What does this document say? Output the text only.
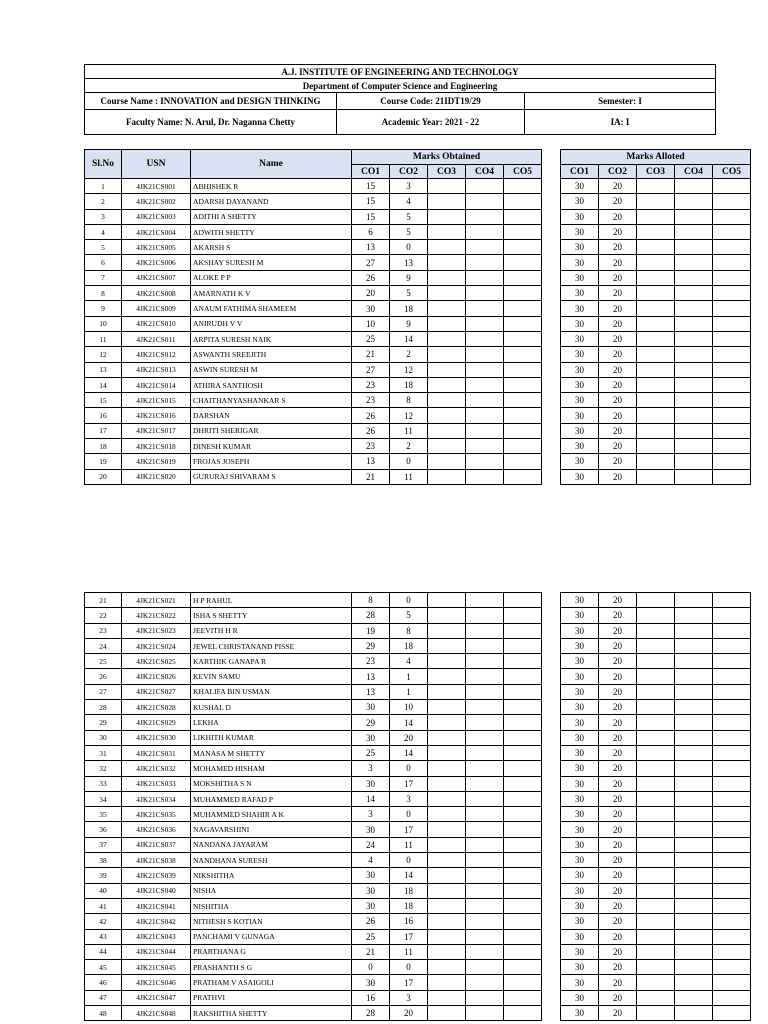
A.J. INSTITUTE OF ENGINEERING AND TECHNOLOGY		
Department of Computer Science and Engineering		
Course Name : INNOVATION and DESIGN THINKING	Course Code: 21IDT19/29	Semester: I
Faculty Name: N. Arul, Dr. Naganna Chetty	Academic Year: 2021 - 22	IA: I
Sl.No	USN	Name	Marks Obtained						Marks Alloted				
			CO1	CO2	CO3	CO4	CO5		CO1	CO2	CO3	CO4	CO5
1	4JK21CS001	ABHISHEK R	15	3					30	20			
2	4JK21CS002	ADARSH DAYANAND	15	4					30	20			
3	4JK21CS003	ADITHI A SHETTY	15	5					30	20			
4	4JK21CS004	ADWITH SHETTY	6	5					30	20			
5	4JK21CS005	AKARSH S	13	0					30	20			
6	4JK21CS006	AKSHAY SURESH M	27	13					30	20			
7	4JK21CS007	ALOKE P P	26	9					30	20			
8	4JK21CS008	AMARNATH K V	20	5					30	20			
9	4JK21CS009	ANAUM FATHIMA SHAMEEM	30	18					30	20			
10	4JK21CS010	ANIRUDH V V	10	9					30	20			
11	4JK21CS011	ARPITA SURESH NAIK	25	14					30	20			
12	4JK21CS012	ASWANTH SREEJITH	21	2					30	20			
13	4JK21CS013	ASWIN SURESH M	27	12					30	20			
14	4JK21CS014	ATHIRA SANTHOSH	23	18					30	20			
15	4JK21CS015	CHAITHANYASHANKAR S	23	8					30	20			
16	4JK21CS016	DARSHAN	26	12					30	20			
17	4JK21CS017	DHRITI SHERIGAR	26	11					30	20			
18	4JK21CS018	DINESH KUMAR	23	2					30	20			
19	4JK21CS019	FROJAS JOSEPH	13	0					30	20			
20	4JK21CS020	GURURAJ SHIVARAM S	21	11					30	20			
21	4JK21CS021	H P RAHUL	8	0					30	20			
22	4JK21CS022	ISHA S SHETTY	28	5					30	20			
23	4JK21CS023	JEEVITH H R	19	8					30	20			
24	4JK21CS024	JEWEL CHRISTANAND PISSE	29	18					30	20			
25	4JK21CS025	KARTHIK GANAPA R	23	4					30	20			
26	4JK21CS026	KEVIN SAMU	13	1					30	20			
27	4JK21CS027	KHALIFA BIN USMAN	13	1					30	20			
28	4JK21CS028	KUSHAL D	30	10					30	20			
29	4JK21CS029	LEKHA	29	14					30	20			
30	4JK21CS030	LIKHITH KUMAR	30	20					30	20			
31	4JK21CS031	MANASA M SHETTY	25	14					30	20			
32	4JK21CS032	MOHAMED HISHAM	3	0					30	20			
33	4JK21CS033	MOKSHITHA S N	30	17					30	20			
34	4JK21CS034	MUHAMMED RAFAD P	14	3					30	20			
35	4JK21CS035	MUHAMMED SHAHIR A K	3	0					30	20			
36	4JK21CS036	NAGAVARSHINI	30	17					30	20			
37	4JK21CS037	NANDANA JAYARAM	24	11					30	20			
38	4JK21CS038	NANDHANA SURESH	4	0					30	20			
39	4JK21CS039	NIKSHITHA	30	14					30	20			
40	4JK21CS040	NISHA	30	18					30	20			
41	4JK21CS041	NISHITHA	30	18					30	20			
42	4JK21CS042	NITHESH S KOTIAN	26	16					30	20			
43	4JK21CS043	PANCHAMI V GUNAGA	25	17					30	20			
44	4JK21CS044	PRARTHANA G	21	11					30	20			
45	4JK21CS045	PRASHANTH S G	0	0					30	20			
46	4JK21CS046	PRATHAM V ASAIGOLI	30	17					30	20			
47	4JK21CS047	PRATHVI	16	3					30	20			
48	4JK21CS048	RAKSHITHA SHETTY	28	20					30	20			
